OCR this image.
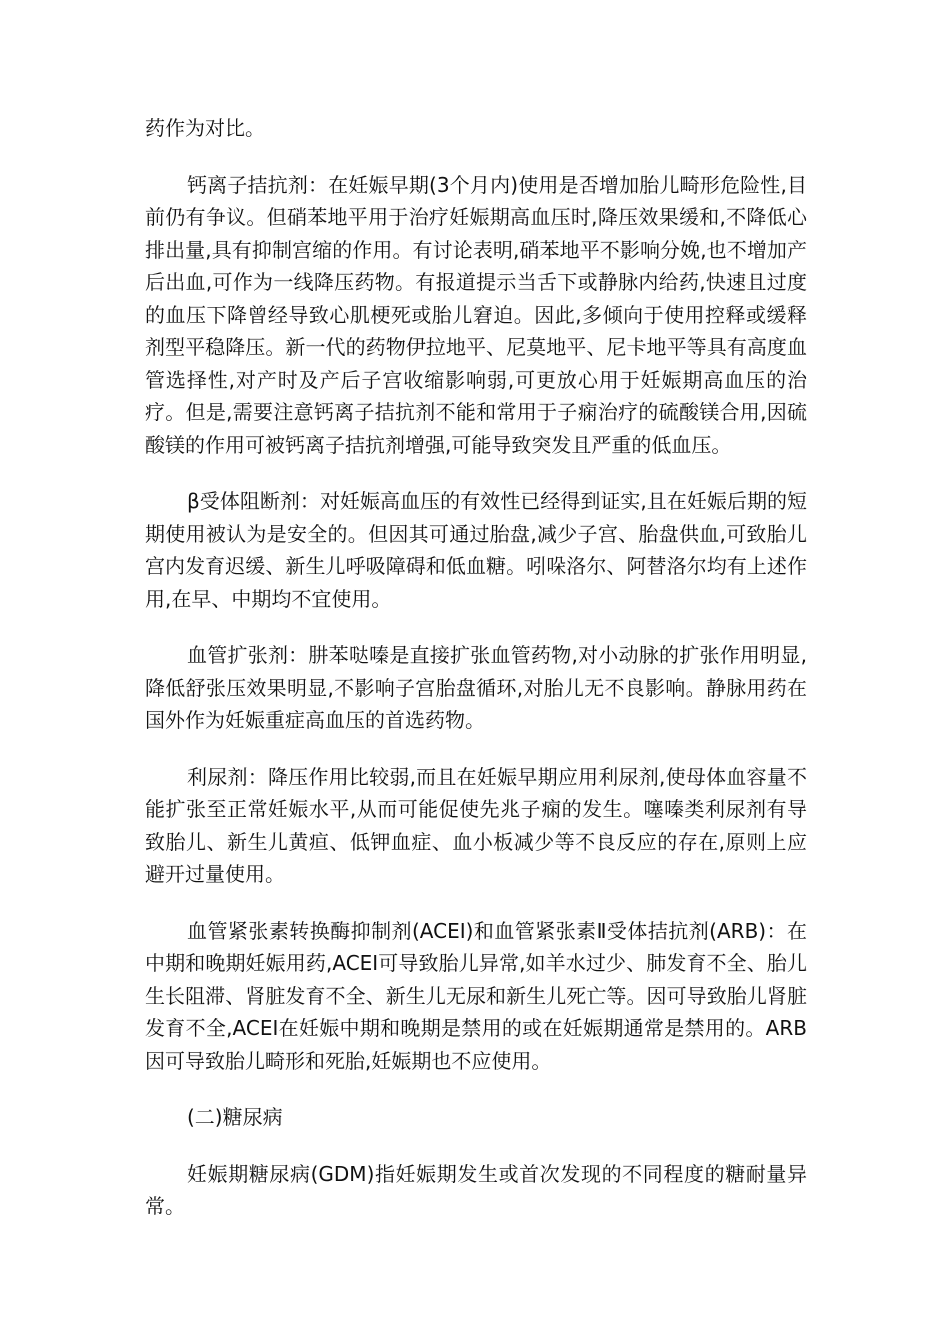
药作为对比。

钙离子拮抗剂：在妊娠早期(3个月内)使用是否增加胎儿畸形危险性,目前仍有争议。但硝苯地平用于治疗妊娠期高血压时,降压效果缓和,不降低心排出量,具有抑制宫缩的作用。有讨论表明,硝苯地平不影响分娩,也不增加产后出血,可作为一线降压药物。有报道提示当舌下或静脉内给药,快速且过度的血压下降曾经导致心肌梗死或胎儿窘迫。因此,多倾向于使用控释或缓释剂型平稳降压。新一代的药物伊拉地平、尼莫地平、尼卡地平等具有高度血管选择性,对产时及产后子宫收缩影响弱,可更放心用于妊娠期高血压的治疗。但是,需要注意钙离子拮抗剂不能和常用于子痫治疗的硫酸镁合用,因硫酸镁的作用可被钙离子拮抗剂增强,可能导致突发且严重的低血压。

β受体阻断剂：对妊娠高血压的有效性已经得到证实,且在妊娠后期的短期使用被认为是安全的。但因其可通过胎盘,减少子宫、胎盘供血,可致胎儿宫内发育迟缓、新生儿呼吸障碍和低血糖。吲哚洛尔、阿替洛尔均有上述作用,在早、中期均不宜使用。

血管扩张剂：肼苯哒嗪是直接扩张血管药物,对小动脉的扩张作用明显,降低舒张压效果明显,不影响子宫胎盘循环,对胎儿无不良影响。静脉用药在国外作为妊娠重症高血压的首选药物。

利尿剂：降压作用比较弱,而且在妊娠早期应用利尿剂,使母体血容量不能扩张至正常妊娠水平,从而可能促使先兆子痫的发生。噻嗪类利尿剂有导致胎儿、新生儿黄疸、低钾血症、血小板减少等不良反应的存在,原则上应避开过量使用。

血管紧张素转换酶抑制剂(ACEI)和血管紧张素Ⅱ受体拮抗剂(ARB)：在中期和晚期妊娠用药,ACEI可导致胎儿异常,如羊水过少、肺发育不全、胎儿生长阻滞、肾脏发育不全、新生儿无尿和新生儿死亡等。因可导致胎儿肾脏发育不全,ACEI在妊娠中期和晚期是禁用的或在妊娠期通常是禁用的。ARB因可导致胎儿畸形和死胎,妊娠期也不应使用。

(二)糖尿病

妊娠期糖尿病(GDM)指妊娠期发生或首次发现的不同程度的糖耐量异常。
